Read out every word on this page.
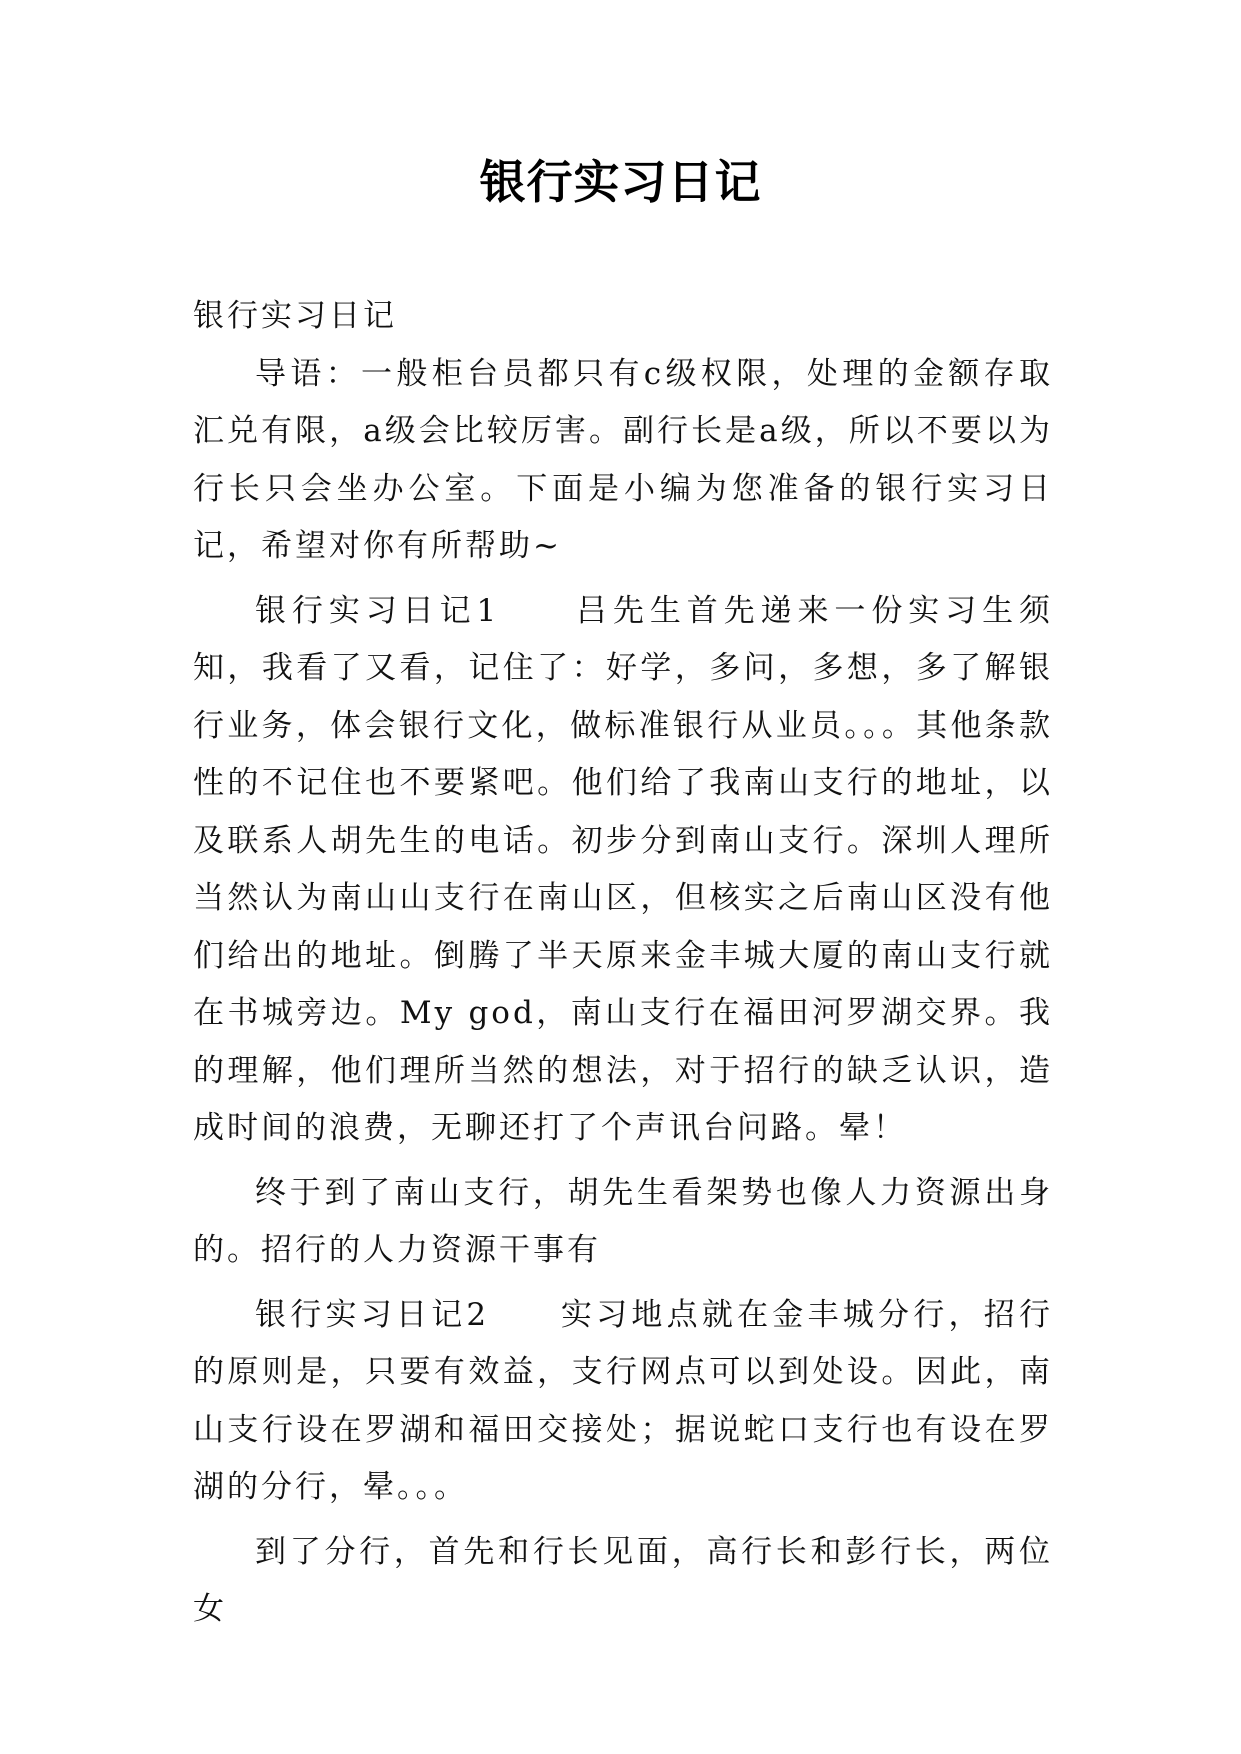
银行实习日记

银行实习日记

导语：一般柜台员都只有c级权限，处理的金额存取汇兑有限，a级会比较厉害。副行长是a级，所以不要以为行长只会坐办公室。下面是小编为您准备的银行实习日记，希望对你有所帮助~

银行实习日记1　　吕先生首先递来一份实习生须知，我看了又看，记住了：好学，多问，多想，多了解银行业务，体会银行文化，做标准银行从业员。。。其他条款性的不记住也不要紧吧。他们给了我南山支行的地址，以及联系人胡先生的电话。初步分到南山支行。深圳人理所当然认为南山山支行在南山区，但核实之后南山区没有他们给出的地址。倒腾了半天原来金丰城大厦的南山支行就在书城旁边。My god，南山支行在福田河罗湖交界。我的理解，他们理所当然的想法，对于招行的缺乏认识，造成时间的浪费，无聊还打了个声讯台问路。晕！

终于到了南山支行，胡先生看架势也像人力资源出身的。招行的人力资源干事有

银行实习日记2　　实习地点就在金丰城分行，招行的原则是，只要有效益，支行网点可以到处设。因此，南山支行设在罗湖和福田交接处；据说蛇口支行也有设在罗湖的分行，晕。。。

到了分行，首先和行长见面，高行长和彭行长，两位女
